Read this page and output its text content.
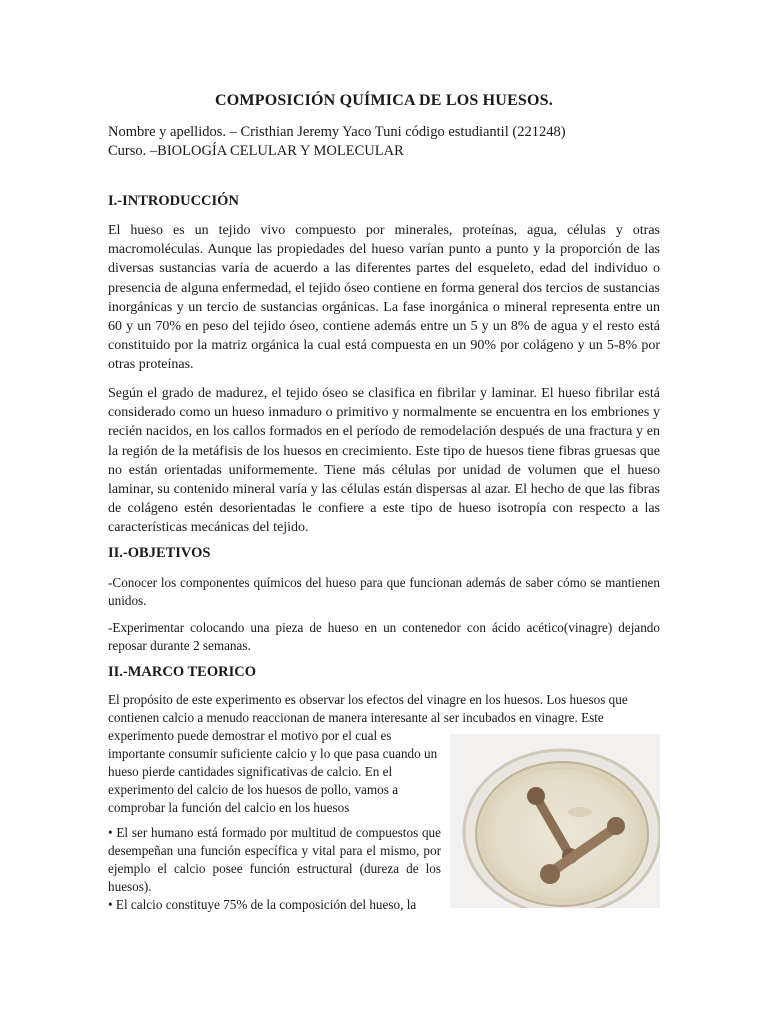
COMPOSICIÓN QUÍMICA DE LOS HUESOS.
Nombre y apellidos. – Cristhian Jeremy Yaco Tuni código estudiantil (221248)
Curso. –BIOLOGÍA CELULAR Y MOLECULAR
I.-INTRODUCCIÓN

El hueso es un tejido vivo compuesto por minerales, proteínas, agua, células y otras macromoléculas. Aunque las propiedades del hueso varían punto a punto y la proporción de las diversas sustancias varía de acuerdo a las diferentes partes del esqueleto, edad del individuo o presencia de alguna enfermedad, el tejido óseo contiene en forma general dos tercios de sustancias inorgánicas y un tercio de sustancias orgánicas. La fase inorgánica o mineral representa entre un 60 y un 70% en peso del tejido óseo, contiene además entre un 5 y un 8% de agua y el resto está constituido por la matriz orgánica la cual está compuesta en un 90% por colágeno y un 5-8% por otras proteínas.

Según el grado de madurez, el tejido óseo se clasifica en fibrilar y laminar. El hueso fibrilar está considerado como un hueso inmaduro o primitivo y normalmente se encuentra en los embriones y recién nacidos, en los callos formados en el período de remodelación después de una fractura y en la región de la metáfisis de los huesos en crecimiento. Este tipo de huesos tiene fibras gruesas que no están orientadas uniformemente. Tiene más células por unidad de volumen que el hueso laminar, su contenido mineral varía y las células están dispersas al azar. El hecho de que las fibras de colágeno estén desorientadas le confiere a este tipo de hueso isotropía con respecto a las características mecánicas del tejido.

II.-OBJETIVOS

-Conocer los componentes químicos del hueso para que funcionan además de saber cómo se mantienen unidos.

-Experimentar colocando una pieza de hueso en un contenedor con ácido acético(vinagre) dejando reposar durante 2 semanas.

II.-MARCO TEORICO

El propósito de este experimento es observar los efectos del vinagre en los huesos. Los huesos que contienen calcio a menudo reaccionan de manera interesante al ser incubados en vinagre. Este

experimento puede demostrar el motivo por el cual es importante consumir suficiente calcio y lo que pasa cuando un hueso pierde cantidades significativas de calcio. En el experimento del calcio de los huesos de pollo, vamos a comprobar la función del calcio en los huesos

• El ser humano está formado por multitud de compuestos que desempeñan una función específica y vital para el mismo, por ejemplo el calcio posee función estructural (dureza de los huesos).

• El calcio constituye 75% de la composición del hueso, la
